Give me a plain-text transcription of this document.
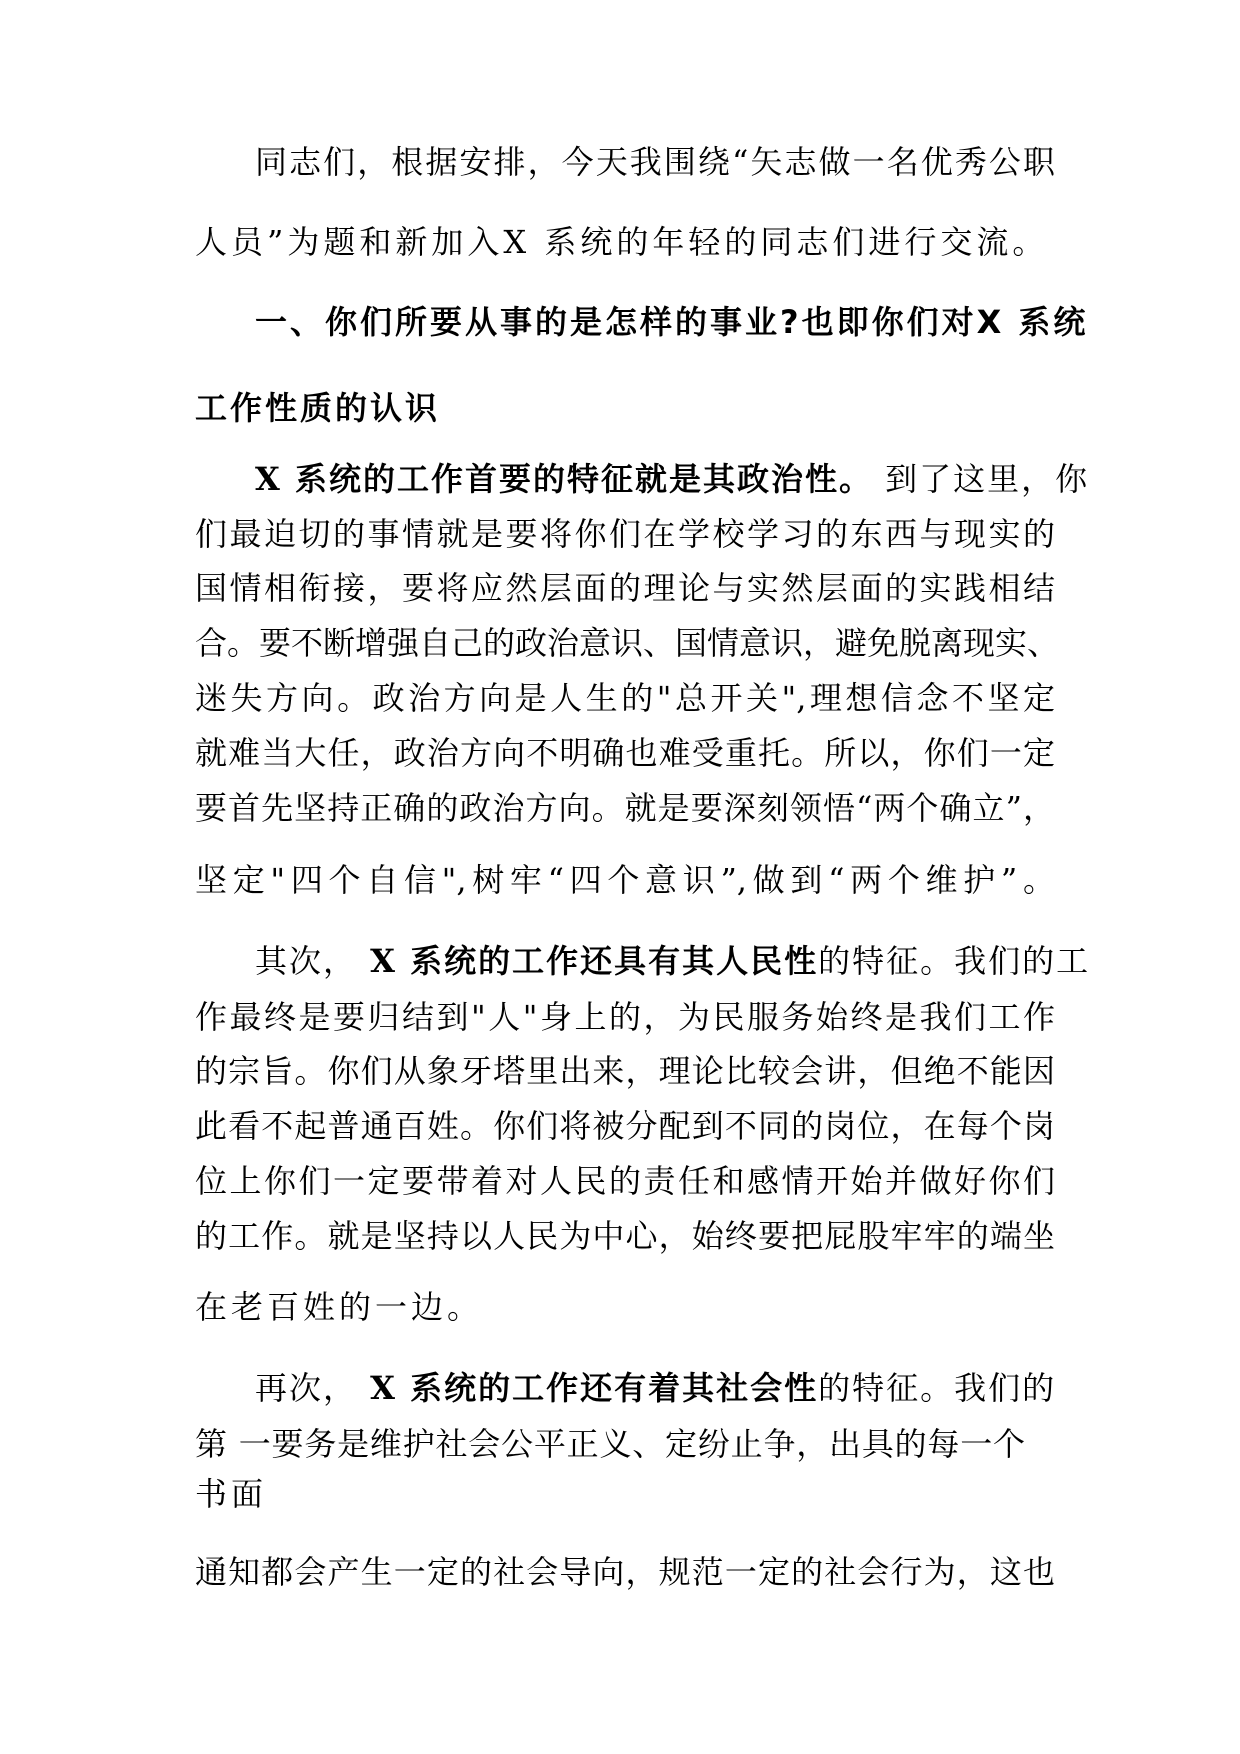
同志们，根据安排，今天我围绕“矢志做一名优秀公职
人员”为题和新加入X 系统的年轻的同志们进行交流。
一、你们所要从事的是怎样的事业?也即你们对X 系统
工作性质的认识
X 系统的工作首要的特征就是其政治性。 到了这里，你
们最迫切的事情就是要将你们在学校学习的东西与现实的
国情相衔接，要将应然层面的理论与实然层面的实践相结
合。要不断增强自己的政治意识、国情意识，避免脱离现实、
迷失方向。政治方向是人生的"总开关",理想信念不坚定
就难当大任，政治方向不明确也难受重托。所以，你们一定
要首先坚持正确的政治方向。就是要深刻领悟“两个确立”，
坚定"四个自信",树牢“四个意识”,做到“两个维护”。
其次， X 系统的工作还具有其人民性的特征。我们的工
作最终是要归结到"人"身上的，为民服务始终是我们工作
的宗旨。你们从象牙塔里出来，理论比较会讲，但绝不能因
此看不起普通百姓。你们将被分配到不同的岗位，在每个岗
位上你们一定要带着对人民的责任和感情开始并做好你们
的工作。就是坚持以人民为中心，始终要把屁股牢牢的端坐
在老百姓的一边。
再次， X 系统的工作还有着其社会性的特征。我们的
第 一要务是维护社会公平正义、定纷止争，出具的每一个
书面
通知都会产生一定的社会导向，规范一定的社会行为，这也
